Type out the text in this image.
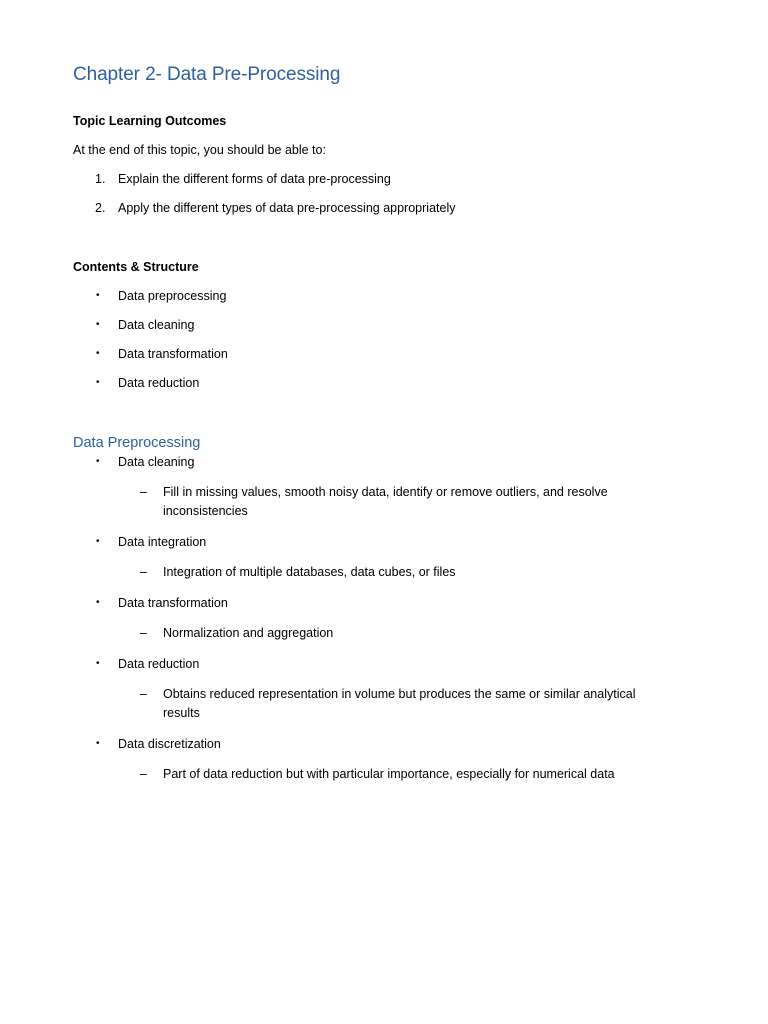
Chapter 2- Data Pre-Processing
Topic Learning Outcomes
At the end of this topic, you should be able to:
1. Explain the different forms of data pre-processing
2. Apply the different types of data pre-processing appropriately
Contents & Structure
• Data preprocessing
• Data cleaning
• Data transformation
• Data reduction
Data Preprocessing
• Data cleaning
– Fill in missing values, smooth noisy data, identify or remove outliers, and resolve inconsistencies
• Data integration
– Integration of multiple databases, data cubes, or files
• Data transformation
– Normalization and aggregation
• Data reduction
– Obtains reduced representation in volume but produces the same or similar analytical results
• Data discretization
– Part of data reduction but with particular importance, especially for numerical data
